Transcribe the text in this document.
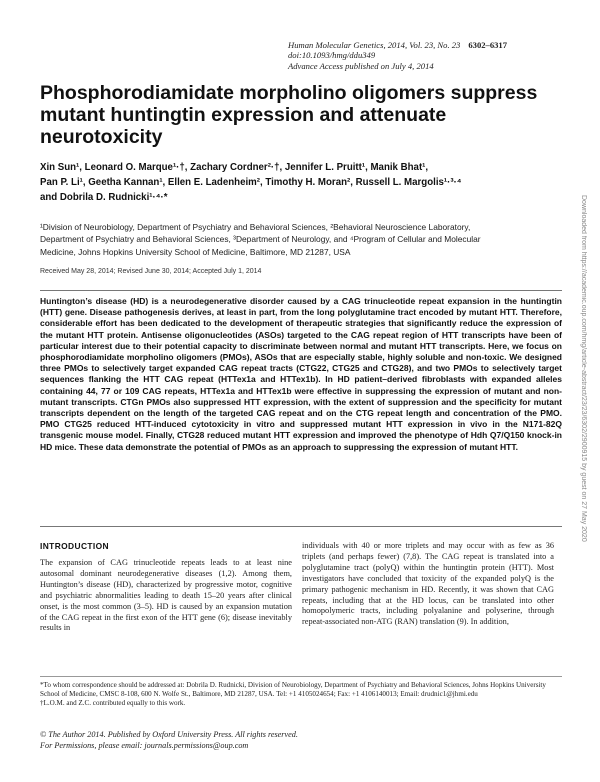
Human Molecular Genetics, 2014, Vol. 23, No. 23 6302–6317
doi:10.1093/hmg/ddu349
Advance Access published on July 4, 2014
Phosphorodiamidate morpholino oligomers suppress mutant huntingtin expression and attenuate neurotoxicity
Xin Sun¹, Leonard O. Marque¹·†, Zachary Cordner²·†, Jennifer L. Pruitt¹, Manik Bhat¹,
Pan P. Li¹, Geetha Kannan¹, Ellen E. Ladenheim², Timothy H. Moran², Russell L. Margolis¹·³·⁴
and Dobrila D. Rudnicki¹·⁴·*
¹Division of Neurobiology, Department of Psychiatry and Behavioral Sciences, ²Behavioral Neuroscience Laboratory,
Department of Psychiatry and Behavioral Sciences, ³Department of Neurology, and ⁴Program of Cellular and Molecular
Medicine, Johns Hopkins University School of Medicine, Baltimore, MD 21287, USA
Received May 28, 2014; Revised June 30, 2014; Accepted July 1, 2014
Huntington’s disease (HD) is a neurodegenerative disorder caused by a CAG trinucleotide repeat expansion in the huntingtin (HTT) gene. Disease pathogenesis derives, at least in part, from the long polyglutamine tract encoded by mutant HTT. Therefore, considerable effort has been dedicated to the development of therapeutic strategies that significantly reduce the expression of the mutant HTT protein. Antisense oligonucleotides (ASOs) targeted to the CAG repeat region of HTT transcripts have been of particular interest due to their potential capacity to discriminate between normal and mutant HTT transcripts. Here, we focus on phosphorodiamidate morpholino oligomers (PMOs), ASOs that are especially stable, highly soluble and non-toxic. We designed three PMOs to selectively target expanded CAG repeat tracts (CTG22, CTG25 and CTG28), and two PMOs to selectively target sequences flanking the HTT CAG repeat (HTTex1a and HTTex1b). In HD patient–derived fibroblasts with expanded alleles containing 44, 77 or 109 CAG repeats, HTTex1a and HTTex1b were effective in suppressing the expression of mutant and non-mutant transcripts. CTGn PMOs also suppressed HTT expression, with the extent of suppression and the specificity for mutant transcripts dependent on the length of the targeted CAG repeat and on the CTG repeat length and concentration of the PMO. PMO CTG25 reduced HTT-induced cytotoxicity in vitro and suppressed mutant HTT expression in vivo in the N171-82Q transgenic mouse model. Finally, CTG28 reduced mutant HTT expression and improved the phenotype of Hdh Q7/Q150 knock-in HD mice. These data demonstrate the potential of PMOs as an approach to suppressing the expression of mutant HTT.
INTRODUCTION

The expansion of CAG trinucleotide repeats leads to at least nine autosomal dominant neurodegenerative diseases (1,2). Among them, Huntington’s disease (HD), characterized by progressive motor, cognitive and psychiatric abnormalities leading to death 15–20 years after clinical onset, is the most common (3–5). HD is caused by an expansion mutation of the CAG repeat in the first exon of the HTT gene (6); disease inevitably results in

individuals with 40 or more triplets and may occur with as few as 36 triplets (and perhaps fewer) (7,8). The CAG repeat is translated into a polyglutamine tract (polyQ) within the huntingtin protein (HTT). Most investigators have concluded that toxicity of the expanded polyQ is the primary pathogenic mechanism in HD. Recently, it was shown that CAG repeats, including that at the HD locus, can be translated into other homopolymeric tracts, including polyalanine and polyserine, through repeat-associated non-ATG (RAN) translation (9). In addition,

*To whom correspondence should be addressed at: Dobrila D. Rudnicki, Division of Neurobiology, Department of Psychiatry and Behavioral Sciences, Johns Hopkins University School of Medicine, CMSC 8-108, 600 N. Wolfe St., Baltimore, MD 21287, USA. Tel: +1 4105024654; Fax: +1 4106140013; Email: drudnic1@jhmi.edu

†L.O.M. and Z.C. contributed equally to this work.

© The Author 2014. Published by Oxford University Press. All rights reserved.

For Permissions, please email: journals.permissions@oup.com

Downloaded from https://academic.oup.com/hmg/article-abstract/23/23/6302/2900915 by guest on 27 May 2020
